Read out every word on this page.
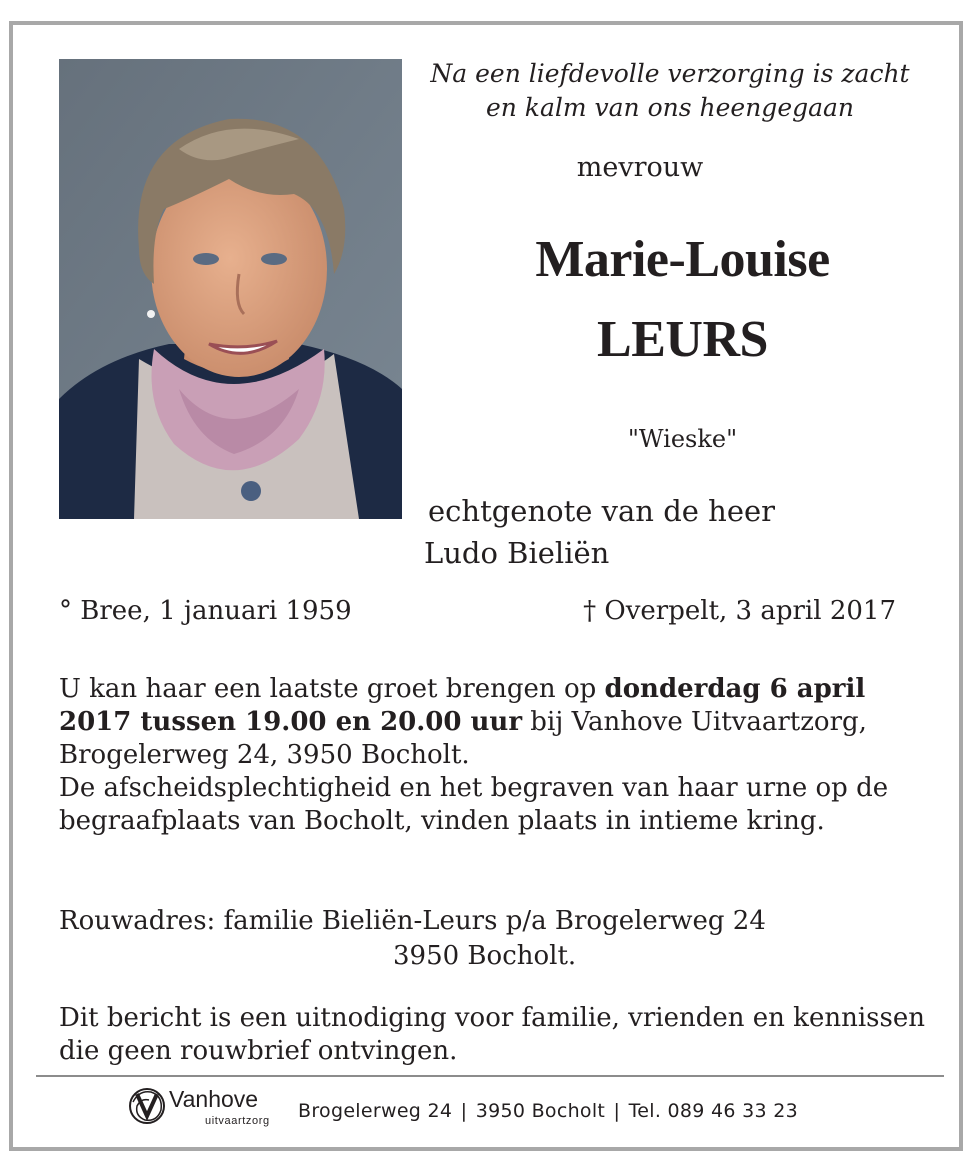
Na een liefdevolle verzorging is zacht
en kalm van ons heengegaan
mevrouw
Marie-Louise
LEURS
"Wieske"
echtgenote van de heer
Ludo Bieliën
° Bree, 1 januari 1959	† Overpelt, 3 april 2017

U kan haar een laatste groet brengen op donderdag 6 april 2017 tussen 19.00 en 20.00 uur bij Vanhove Uitvaartzorg, Brogelerweg 24, 3950 Bocholt.

De afscheidsplechtigheid en het begraven van haar urne op de begraafplaats van Bocholt, vinden plaats in intieme kring.

Rouwadres: familie Bieliën-Leurs p/a Brogelerweg 24
3950 Bocholt.
Dit bericht is een uitnodiging voor familie, vrienden en kennissen die geen rouwbrief ontvingen.
Vanhove
uitvaartzorg Brogelerweg 24 | 3950 Bocholt | Tel. 089 46 33 23
